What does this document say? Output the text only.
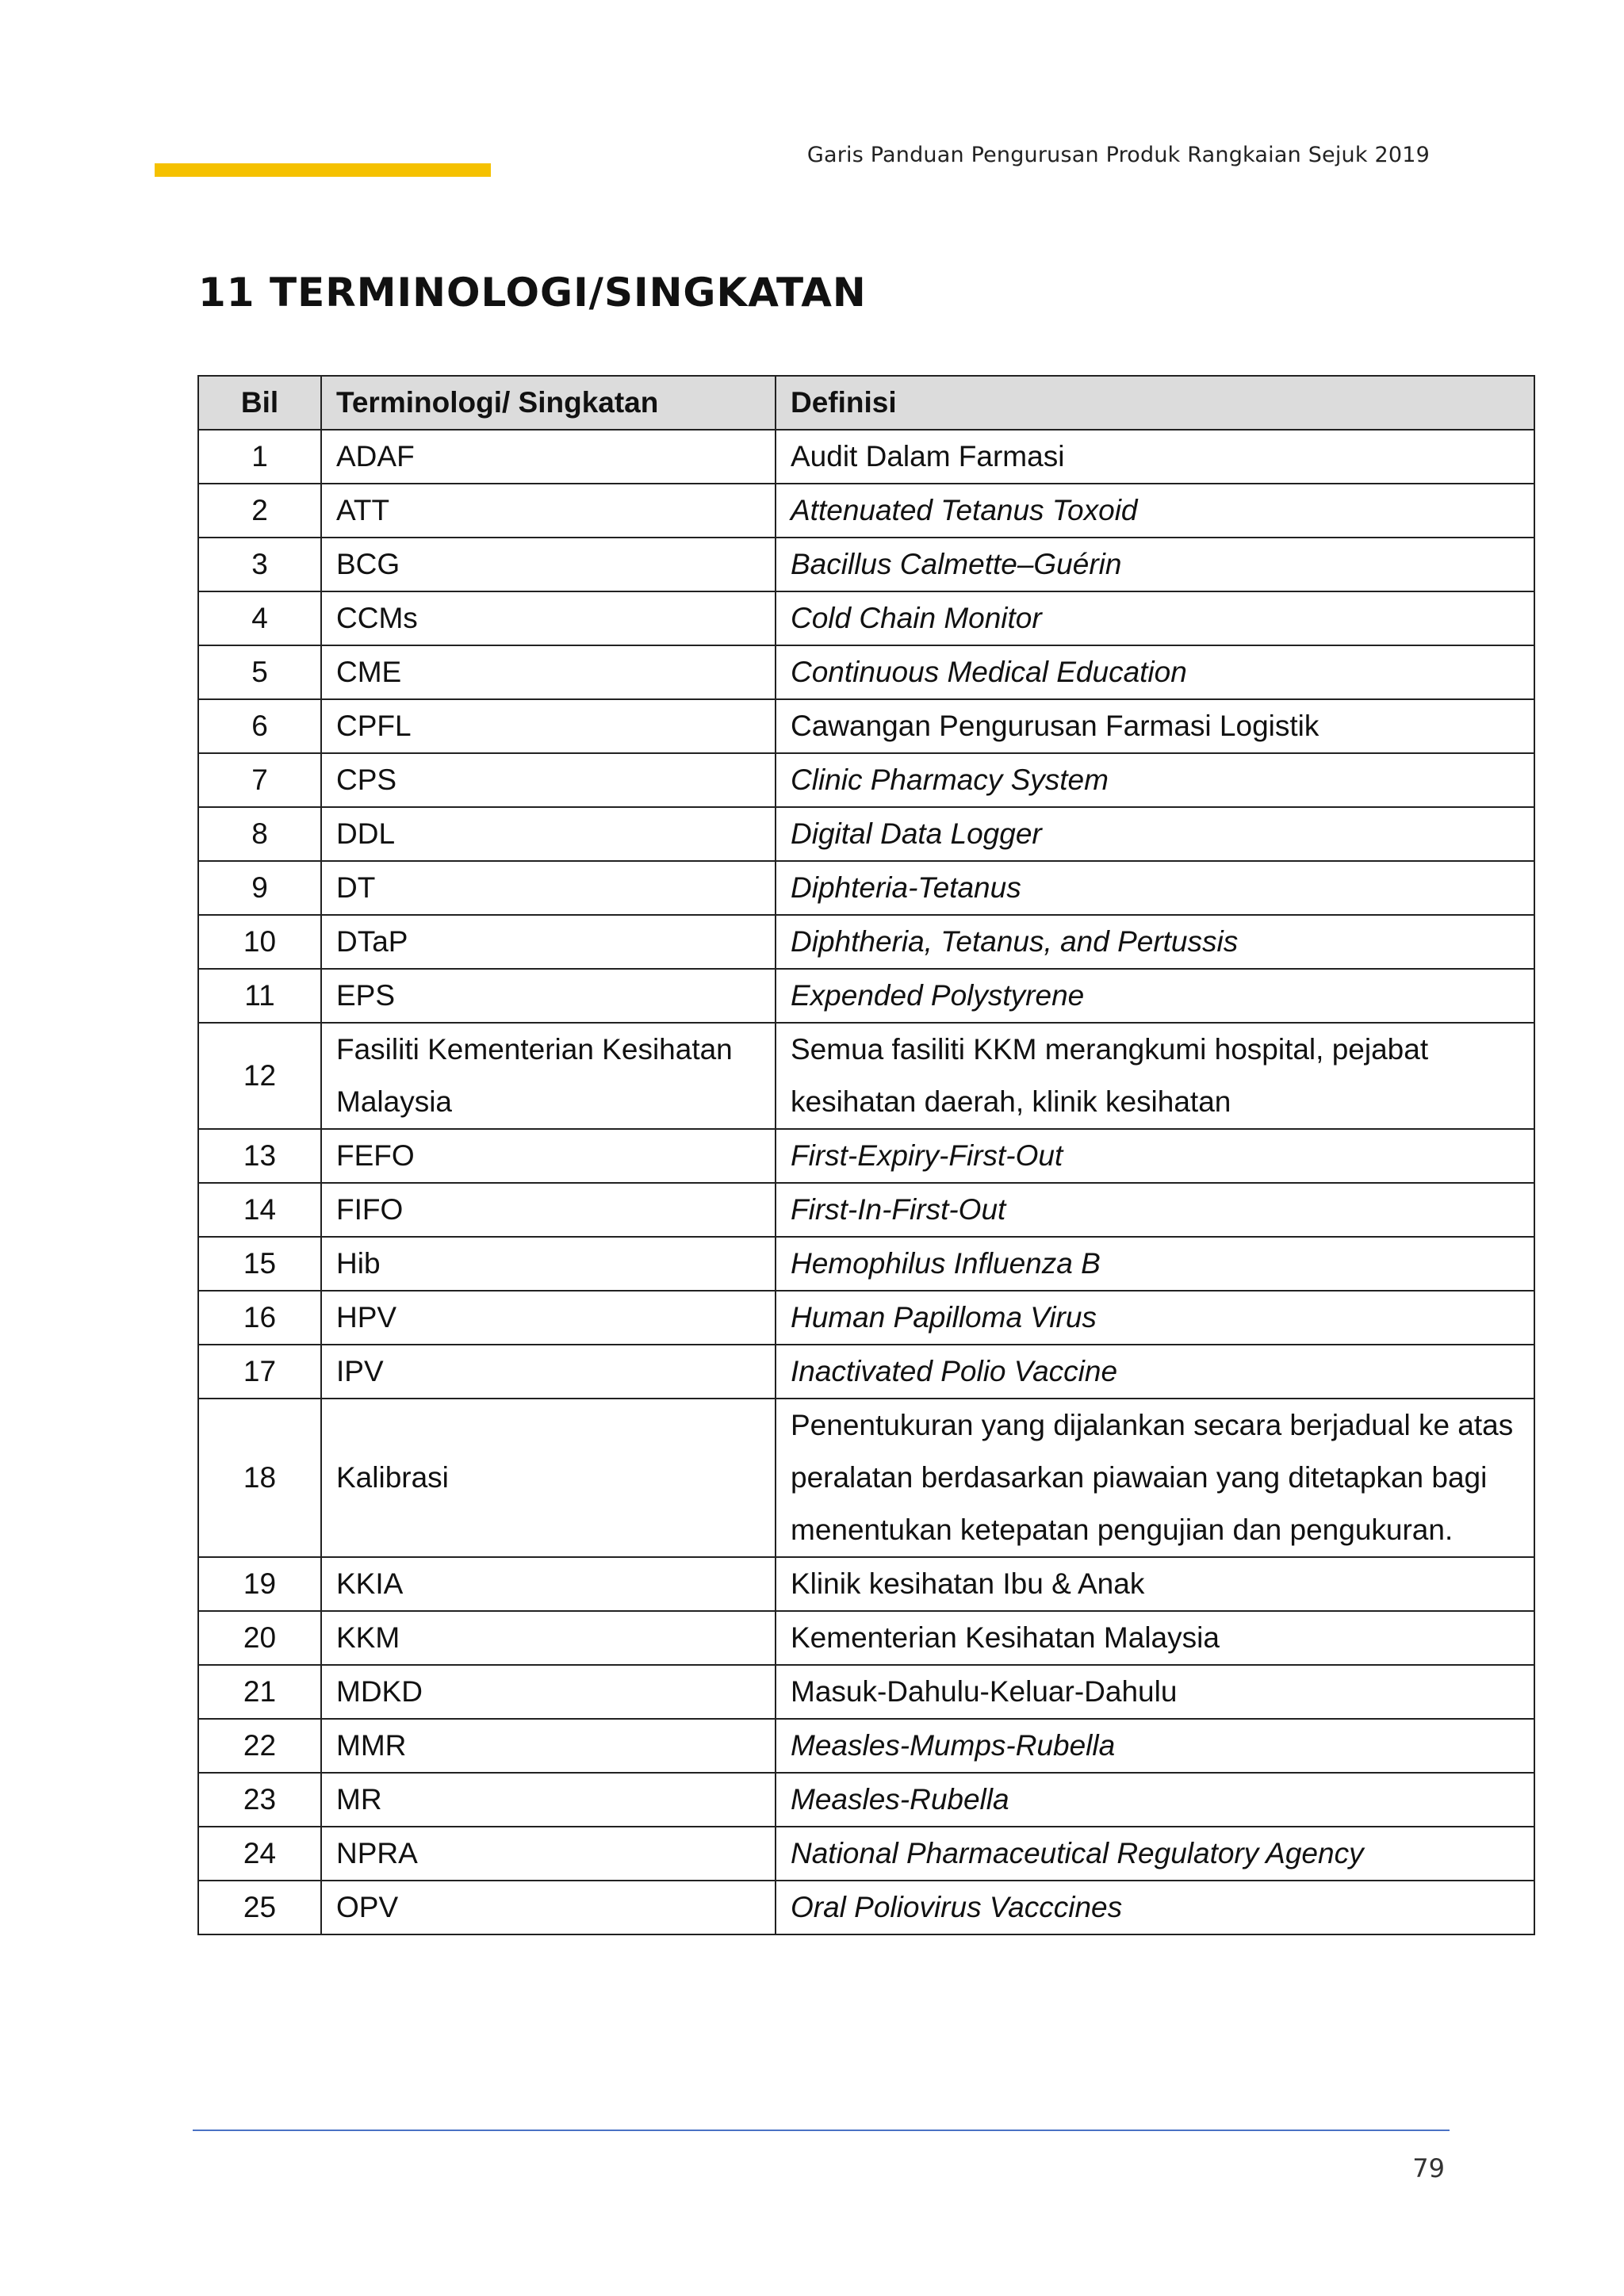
Garis Panduan Pengurusan Produk Rangkaian Sejuk 2019
11 TERMINOLOGI/SINGKATAN
Bil	Terminologi/ Singkatan	Definisi
1	ADAF	Audit Dalam Farmasi
2	ATT	Attenuated Tetanus Toxoid
3	BCG	Bacillus Calmette–Guérin
4	CCMs	Cold Chain Monitor
5	CME	Continuous Medical Education
6	CPFL	Cawangan Pengurusan Farmasi Logistik
7	CPS	Clinic Pharmacy System
8	DDL	Digital Data Logger
9	DT	Diphteria-Tetanus
10	DTaP	Diphtheria, Tetanus, and Pertussis
11	EPS	Expended Polystyrene
12	Fasiliti Kementerian Kesihatan Malaysia	Semua fasiliti KKM merangkumi hospital, pejabat kesihatan daerah, klinik kesihatan
13	FEFO	First-Expiry-First-Out
14	FIFO	First-In-First-Out
15	Hib	Hemophilus Influenza B
16	HPV	Human Papilloma Virus
17	IPV	Inactivated Polio Vaccine
18	Kalibrasi	Penentukuran yang dijalankan secara berjadual ke atas peralatan berdasarkan piawaian yang ditetapkan bagi menentukan ketepatan pengujian dan pengukuran.
19	KKIA	Klinik kesihatan Ibu & Anak
20	KKM	Kementerian Kesihatan Malaysia
21	MDKD	Masuk-Dahulu-Keluar-Dahulu
22	MMR	Measles-Mumps-Rubella
23	MR	Measles-Rubella
24	NPRA	National Pharmaceutical Regulatory Agency
25	OPV	Oral Poliovirus Vacccines
79
